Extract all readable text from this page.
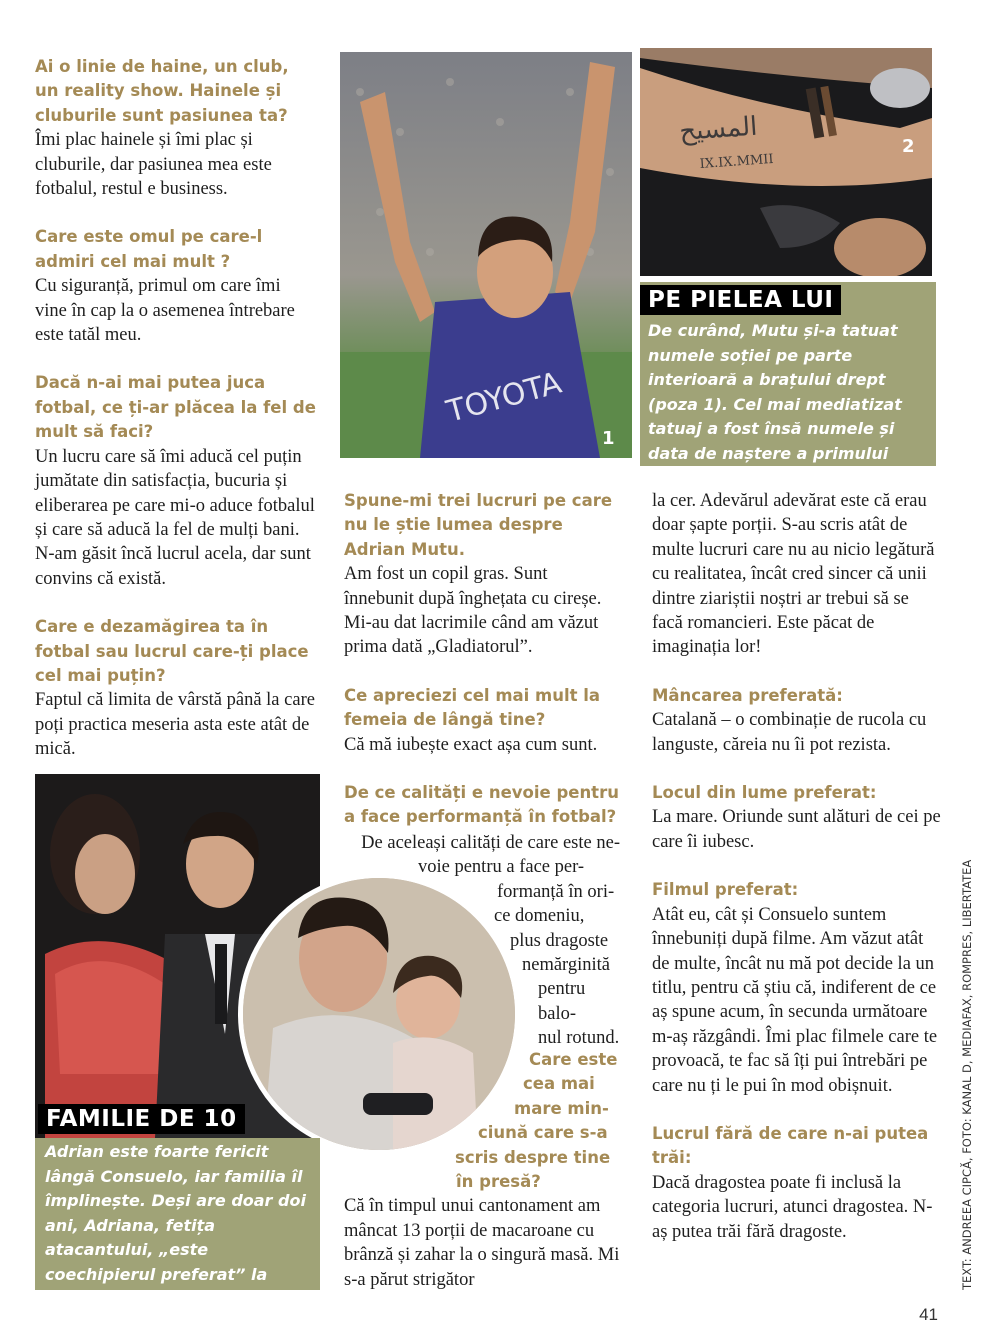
Ai o linie de haine, un club, un reality show. Hainele și cluburile sunt pasiunea ta?
Îmi plac hainele și îmi plac și cluburile, dar pasiunea mea este fotbalul, restul e business.
Care este omul pe care-l admiri cel mai mult ?
Cu siguranță, primul om care îmi vine în cap la o asemenea întrebare este tatăl meu.
Dacă n-ai mai putea juca fotbal, ce ți-ar plăcea la fel de mult să faci?
Un lucru care să îmi aducă cel puțin jumătate din satisfacția, bucuria și eliberarea pe care mi-o aduce fotbalul și care să aducă la fel de mulți bani. N-am găsit încă lucrul acela, dar sunt convins că există.
Care e dezamăgirea ta în fotbal sau lucrul care-ți place cel mai puțin?
Faptul că limita de vârstă până la care poți practica meseria asta este atât de mică.
TOYOTA
1
المسيح
IX.IX.MMII
2
PE PIELEA LUI
De curând, Mutu și-a tatuat numele soției pe parte interioară a brațului drept (poza 1). Cel mai mediatizat tatuaj a fost însă numele și data de naștere a primului copil, Mario. (poza 2)
Spune-mi trei lucruri pe care nu le știe lumea despre Adrian Mutu.
Am fost un copil gras. Sunt înnebunit după înghețata cu cireșe. Mi-au dat lacrimile când am văzut prima dată „Gladiatorul”.
Ce apreciezi cel mai mult la femeia de lângă tine?
Că mă iubește exact așa cum sunt.
De ce calități e nevoie pentru a face performanță în fotbal?
De aceleași calități de care este ne-
voie pentru a face per-
formanță în ori-
ce domeniu,
plus dragoste
nemărginită
pentru balo-
nul rotund.
Care este
cea mai
mare min-
ciună care s-a
scris despre tine
în presă?
Că în timpul unui cantonament am mâncat 13 porții de macaroane cu brânză și zahar la o singură masă. Mi s-a părut strigător
la cer. Adevărul adevărat este că erau doar șapte porții. S-au scris atât de multe lucruri care nu au nicio legătură cu realitatea, încât cred sincer că unii dintre ziariștii noștri ar trebui să se facă romancieri. Este păcat de imaginația lor!
Mâncarea preferată:
Catalană – o combinație de rucola cu languste, căreia nu îi pot rezista.
Locul din lume preferat:
La mare. Oriunde sunt alături de cei pe care îi iubesc.
Filmul preferat:
Atât eu, cât și Consuelo suntem înnebuniți după filme. Am văzut atât de multe, încât nu mă pot decide la un titlu, pentru că știu că, indiferent de ce aș spune acum, în secunda următoare m-aș răzgândi. Îmi plac filmele care te provoacă, te fac să îți pui întrebări pe care nu ți le pui în mod obișnuit.
Lucrul fără de care n-ai putea trăi:
Dacă dragostea poate fi inclusă la categoria lucruri, atunci dragostea. N-aș putea trăi fără dragoste.
FAMILIE DE 10
Adrian este foarte fericit lângă Consuelo, iar familia îl împlinește. Deși are doar doi ani, Adriana, fetița atacantului, „este coechipierul preferat” la fotbal. Cei doi împart joystick-ul cu plăcere.
TEXT: ANDREEA CIPCĂ, FOTO: KANAL D, MEDIAFAX, ROMPRES, LIBERTATEA
41
